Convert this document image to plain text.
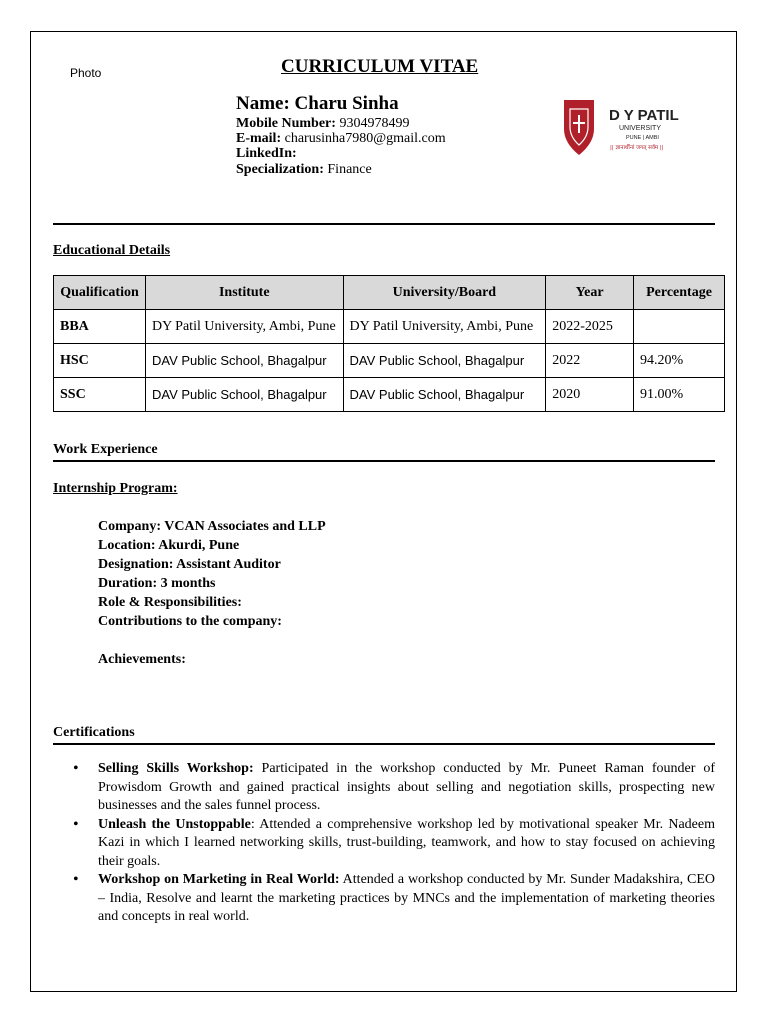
Photo	CURRICULUM VITAE
Name: Charu Sinha
Mobile Number: 9304978499
E-mail: charusinha7980@gmail.com
LinkedIn:
Specialization: Finance
D Y PATIL
UNIVERSITY
PUNE | AMBI
|| ज्ञानार्थीनां जगत् सर्वम ||
Educational Details
Qualification	Institute	University/Board	Year	Percentage
BBA	DY Patil University, Ambi, Pune	DY Patil University, Ambi, Pune	2022-2025	
HSC	DAV Public School, Bhagalpur	DAV Public School, Bhagalpur	2022	94.20%
SSC	DAV Public School, Bhagalpur	DAV Public School, Bhagalpur	2020	91.00%
Work Experience
Internship Program:
Company: VCAN Associates and LLP
Location: Akurdi, Pune
Designation: Assistant Auditor
Duration: 3 months
Role & Responsibilities:
Contributions to the company:
Achievements:
Certifications
• Selling Skills Workshop: Participated in the workshop conducted by Mr. Puneet Raman founder of Prowisdom Growth and gained practical insights about selling and negotiation skills, prospecting new businesses and the sales funnel process.
• Unleash the Unstoppable: Attended a comprehensive workshop led by motivational speaker Mr. Nadeem Kazi in which I learned networking skills, trust-building, teamwork, and how to stay focused on achieving their goals.
• Workshop on Marketing in Real World: Attended a workshop conducted by Mr. Sunder Madakshira, CEO – India, Resolve and learnt the marketing practices by MNCs and the implementation of marketing theories and concepts in real world.
